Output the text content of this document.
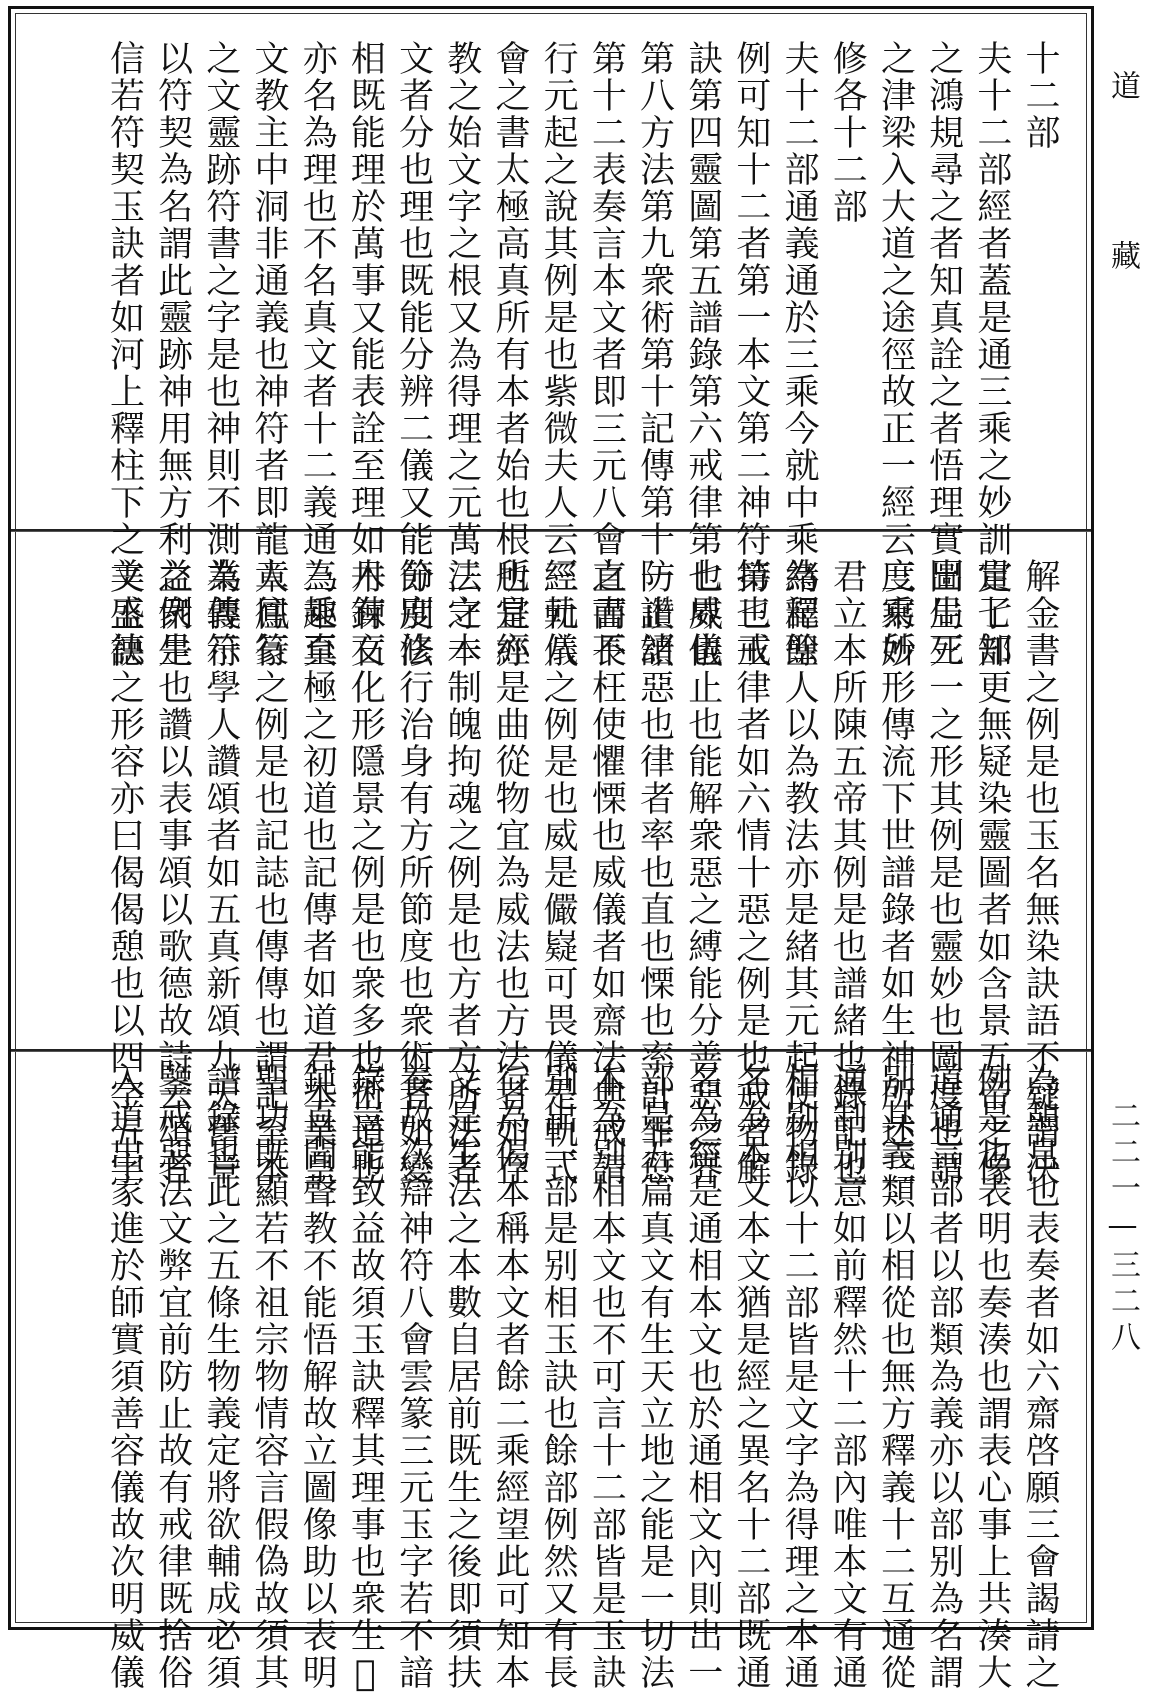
十二部
夫十二部經者蓋是通三乘之妙訓貫七部
之鴻規尋之者知真詮之者悟理實出生死
之津梁入大道之途徑故正一經云三乘所
修各十二部
夫十二部通義通於三乘今就中乘為釋餘
例可知十二者第一本文第二神符第三玉
訣第四靈圖第五譜錄第六戒律第七威儀
第八方法第九衆術第十記傳第十一讚頌
第十二表奏言本文者即三元八會之書長
行元起之說其例是也紫微夫人云三元八
會之書太極高真所有本者始也根也是經
教之始文字之根又為得理之元萬法之本
文者分也理也既能分辨二儀又能分别法
相既能理於萬事又能表詮至理如木有文
亦名為理也不名真文者十二義通三乘真
文教主中洞非通義也神符者即龍章鳳篆
之文靈跡符書之字是也神則不測為義符
以符契為名謂此靈跡神用無方利益衆生
信若符契玉訣者如河上釋柱下之文玉訣
解金書之例是也玉名無染訣語不疑謂决
定了知更無疑染靈圖者如含景五帝之像
圖局三一之形其例是也靈妙也圖度也謂
度寫妙形傳流下世譜錄者如生神所述三
君立本所陳五帝其例是也譜緒也錄記也
緒記聖人以為教法亦是緒其元起使物錄
持也戒律者如六情十惡之例是也戒者解
也界也止也能解衆惡之縛能分善惡之界
防止諸惡也律者率也直也慄也率計罪愆
直而不枉使懼慄也威儀者如齋法典戒請
經軌儀之例是也威是儼嶷可畏儀是軌式
所宜亦是曲從物宜為威法也方法者如存
三守一制魄拘魂之例是也方者方所法者
節度修行治身有方所節度也衆術者如變
丹鍊石化形隱景之例是也衆多也術道也
為趣至極之初道也記傳者如道君本業皇
人往行之例是也記誌也傳傳也謂記至本
業傳示學人讚頌者如五真新頌九天舊章
之例是也讚以表事頌以歌德故詩云頌者
美盛德之形容亦曰偈偈憩也以四字五字
為憩息也表奏者如六齋啓願三會謁請之
例是也表明也奏湊也謂表心事上共湊大
道通言部者以部類為義亦以部别為名謂
别其義類以相從也無方釋義十二互通從
通制别意如前釋然十二部內唯本文有通
相别相以十二部皆是文字為得理之本通
名為本文本文猶是經之異名十二部既通
名為經是通相本文也於通相文內則出一
部是五篇真文有生天立地之能是一切法
本為别相本文也不可言十二部皆是玉訣
别出一部是别相玉訣也餘部例然又有長
行為偈本稱本文者餘二乘經望此可知本
文是生法之本數自居前既生之後即須扶
養故次辯神符八會雲篆三元玉字若不諳
錄豈能致益故須玉訣釋其理事也衆生𣈆
鈍直聞聲教不能悟解故立圖像助以表明
聖功既顯若不祖宗物情容言假偽故須其
譜錄也此之五條生物義定將欲輔成必須
鑒戒惡法文弊宜前防止故有戒律既捨俗
入道出家進於師實須善容儀故次明威儀
道
藏
二二一—三二八
